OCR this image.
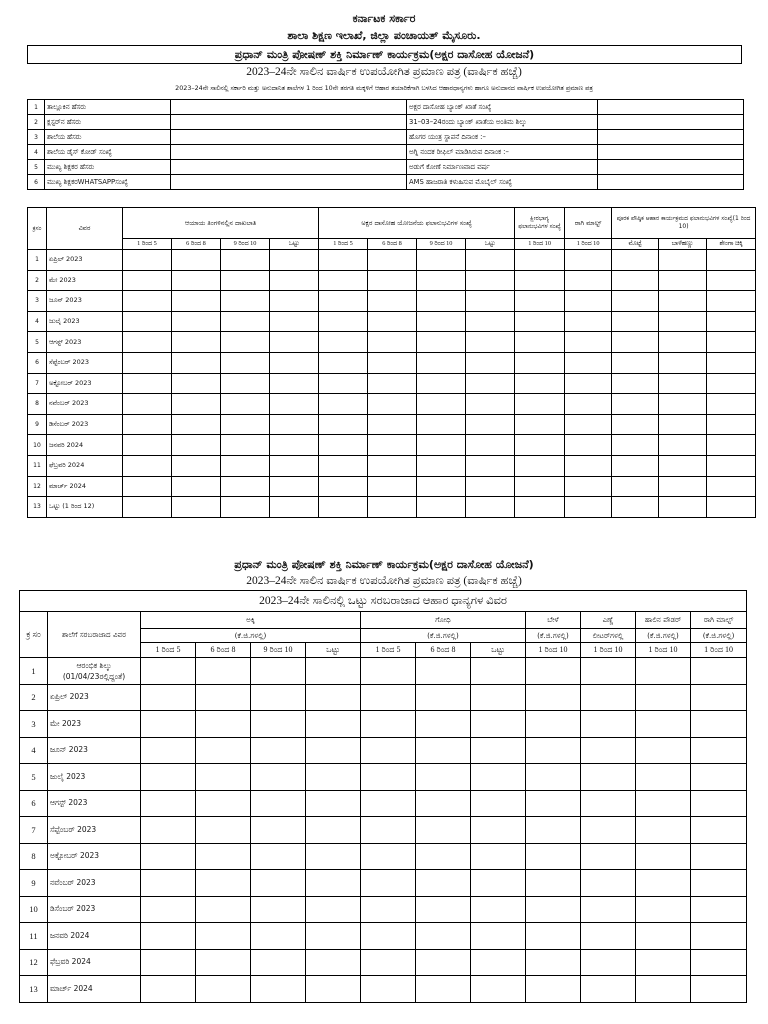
ಕರ್ನಾಟಕ ಸರ್ಕಾರ
ಶಾಲಾ ಶಿಕ್ಷಣ ಇಲಾಖೆ, ಜಿಲ್ಲಾ ಪಂಚಾಯತ್ ಮೈಸೂರು.
ಪ್ರಧಾನ್ ಮಂತ್ರಿ ಪೋಷಣ್ ಶಕ್ತಿ ನಿರ್ಮಾಣ್ ಕಾರ್ಯಕ್ರಮ(ಅಕ್ಷರ ದಾಸೋಹ ಯೋಜನೆ)
2023–24ನೇ ಸಾಲಿನ ವಾರ್ಷಿಕ ಉಪಯೋಗಿತ ಪ್ರಮಾಣ ಪತ್ರ (ವಾರ್ಷಿಕ ಹಚ್ಚೆ)
2023–24ನೇ ಸಾಲಿನಲ್ಲಿ ಸರ್ಕಾರಿ ಮತ್ತು ಅನುದಾನಿತ ಶಾಲೆಗಳ 1 ರಿಂದ 10ನೇ ತರಗತಿ ಮಕ್ಕಳಿಗೆ ಆಹಾರ ತಯಾರಿಕೆಗಾಗಿ ಬಳಸಿದ ಆಹಾರಧಾನ್ಯಗಳು ಹಾಗೂ ಅನುದಾನದ ವಾರ್ಷಿಕ ಉಪಯೋಗಿತ ಪ್ರಮಾಣ ಪತ್ರ
1	ತಾಲ್ಲೂಕಿನ ಹೆಸರು		ಅಕ್ಷರ ದಾಸೋಹ ಬ್ಯಾಂಕ್ ಖಾತೆ ಸಂಖ್ಯೆ	
2	ಕ್ಲಸ್ಟರ್‌ನ ಹೆಸರು		31–03–24ರಂದು ಬ್ಯಾಂಕ್ ಖಾತೆಯ ಅಂತಿಮ ಶಿಲ್ಕು	
3	ಶಾಲೆಯ ಹೆಸರು		ಹೊಗರ ಯಂತ್ರ ಸ್ಥಾಪನೆ ದಿನಾಂಕ :–	
4	ಶಾಲೆಯ ಡೈಸ್ ಕೋಡ್ ಸಂಖ್ಯೆ		ಅಗ್ನಿ ನಂದಕ ರೀಫಿಲ್ ಮಾಡಿಸಿರುವ ದಿನಾಂಕ :–	
5	ಮುಖ್ಯ ಶಿಕ್ಷಕರ ಹೆಸರು		ಅಡುಗೆ ಕೋಣೆ ನಿರ್ಮಾಣವಾದ ವರ್ಷ	
6	ಮುಖ್ಯ ಶಿಕ್ಷಕರWHATSAPPಸಂಖ್ಯೆ		AMS ಹಾಜರಾತಿ ಕಳುಹಿಸುವ ಮೊಬೈಲ್ ಸಂಖ್ಯೆ	
ಕ್ರಸಂ	ವಿವರ	ಆಯಾಯ ತಿಂಗಳಿನಲ್ಲಿನ ದಾಖಲಾತಿ				ಅಕ್ಷರ ದಾಸೋಹ ಯೋಜನೆಯ ಫಲಾನುಭವಿಗಳ ಸಂಖ್ಯೆ				ಕ್ಷೀರಭಾಗ್ಯ ಫಲಾನುಭವಿಗಳ ಸಂಖ್ಯೆ	ರಾಗಿ ಮಾಲ್ಟ್	ಪೂರಕ ಪೌಷ್ಠಿಕ ಆಹಾರ ಕಾರ್ಯಕ್ರಮದ ಫಲಾನುಭವಿಗಳ ಸಂಖ್ಯೆ(1 ರಿಂದ 10)		
		1 ರಿಂದ 5	6 ರಿಂದ 8	9 ರಿಂದ 10	ಒಟ್ಟು	1 ರಿಂದ 5	6 ರಿಂದ 8	9 ರಿಂದ 10	ಒಟ್ಟು	1 ರಿಂದ 10	1 ರಿಂದ 10	ಮೊಟ್ಟೆ	ಬಾಳೆಹಣ್ಣು	ಶೇಂಗಾ ಚಿಕ್ಕಿ
1	ಏಪ್ರಿಲ್ 2023													
2	ಮೇ 2023													
3	ಜೂನ್ 2023													
4	ಜುಲೈ 2023													
5	ಆಗಸ್ಟ್ 2023													
6	ಸೆಪ್ಟೆಂಬರ್ 2023													
7	ಅಕ್ಟೋಬರ್ 2023													
8	ನವೆಂಬರ್ 2023													
9	ಡಿಸೆಂಬರ್ 2023													
10	ಜನವರಿ 2024													
11	ಫೆಬ್ರವರಿ 2024													
12	ಮಾರ್ಚ್ 2024													
13	ಒಟ್ಟು (1 ರಿಂದ 12)													
ಪ್ರಧಾನ್ ಮಂತ್ರಿ ಪೋಷಣ್ ಶಕ್ತಿ ನಿರ್ಮಾಣ್ ಕಾರ್ಯಕ್ರಮ(ಅಕ್ಷರ ದಾಸೋಹ ಯೋಜನೆ)
2023–24ನೇ ಸಾಲಿನ ವಾರ್ಷಿಕ ಉಪಯೋಗಿತ ಪ್ರಮಾಣ ಪತ್ರ (ವಾರ್ಷಿಕ ಹಚ್ಚೆ)
2023–24ನೇ ಸಾಲಿನಲ್ಲಿ ಒಟ್ಟು ಸರಬರಾಜಾದ ಆಹಾರ ಧಾನ್ಯಗಳ ವಿವರ												
ಕ್ರ ಸಂ	ಶಾಲೆಗೆ ಸರಬರಾಜಾದ ವಿವರ	ಅಕ್ಕಿ				ಗೋಧಿ			ಬೇಳೆ	ಎಣ್ಣೆ	ಹಾಲಿನ ಪೌಡರ್	ರಾಗಿ ಮಾಲ್ಟ್
		(ಕೆ.ಜಿ.ಗಳಲ್ಲಿ)				(ಕೆ.ಜಿ.ಗಳಲ್ಲಿ)			(ಕೆ.ಜಿ.ಗಳಲ್ಲಿ)	ಲೀಟರ್‌ಗಳಲ್ಲಿ	(ಕೆ.ಜಿ.ಗಳಲ್ಲಿ)	(ಕೆ.ಜಿ.ಗಳಲ್ಲಿ)
		1 ರಿಂದ 5	6 ರಿಂದ 8	9 ರಿಂದ 10	ಒಟ್ಟು	1 ರಿಂದ 5	6 ರಿಂದ 8	ಒಟ್ಟು	1 ರಿಂದ 10	1 ರಿಂದ 10	1 ರಿಂದ 10	1 ರಿಂದ 10
1	ಆರಂಭಿಕ ಶಿಲ್ಕು (01/04/23ರಲ್ಲಿದ್ದಂತೆ)											
2	ಏಪ್ರಿಲ್ 2023											
3	ಮೇ 2023											
4	ಜೂನ್ 2023											
5	ಜುಲೈ 2023											
6	ಆಗಸ್ಟ್ 2023											
7	ಸೆಪ್ಟೆಂಬರ್ 2023											
8	ಅಕ್ಟೋಬರ್ 2023											
9	ನವೆಂಬರ್ 2023											
10	ಡಿಸೆಂಬರ್ 2023											
11	ಜನವರಿ 2024											
12	ಫೆಬ್ರವರಿ 2024											
13	ಮಾರ್ಚ್ 2024											
